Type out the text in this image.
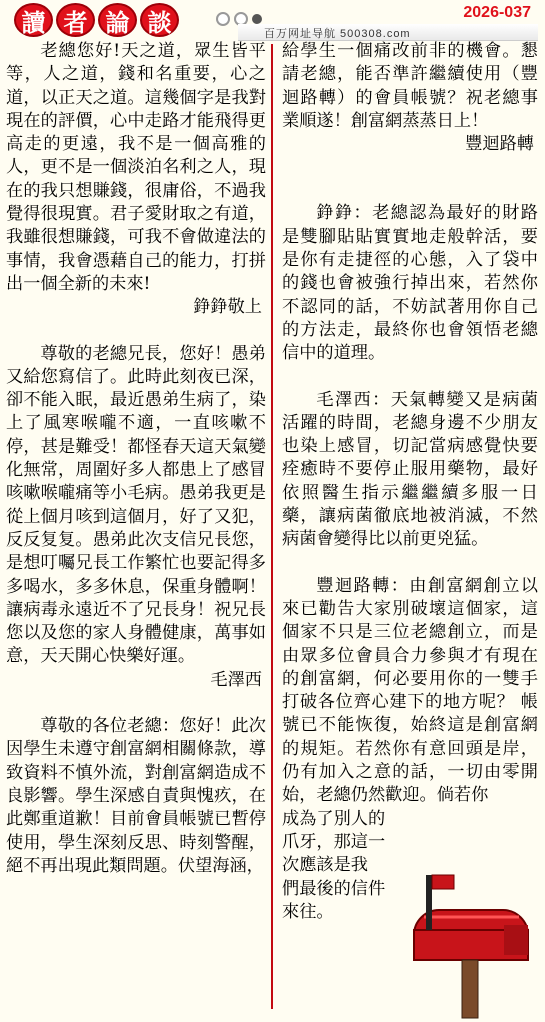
讀 者 論 談	2026-037
百万网址导航 500308.com

老總您好!天之道，眾生皆平等，人之道，錢和名重要，心之道，以正天之道。這幾個字是我對現在的評價，心中走路才能飛得更高走的更遠，我不是一個高雅的人，更不是一個淡泊名利之人，現在的我只想賺錢，很庸俗，不過我覺得很現實。君子愛財取之有道，我雖很想賺錢，可我不會做違法的事情，我會憑藉自己的能力，打拼出一個全新的未來!

錚錚敬上

尊敬的老總兄長，您好！愚弟又給您寫信了。此時此刻夜已深，卻不能入眠，最近愚弟生病了，染上了風寒喉嚨不適，一直咳嗽不停，甚是難受！都怪春天這天氣變化無常，周圍好多人都患上了感冒咳嗽喉嚨痛等小毛病。愚弟我更是從上個月咳到這個月，好了又犯，反反复复。愚弟此次支信兄長您，是想叮囑兄長工作繁忙也要記得多多喝水，多多休息，保重身體啊！讓病毒永遠近不了兄長身！祝兄長您以及您的家人身體健康，萬事如意，天天開心快樂好運。

毛澤西

尊敬的各位老總：您好！此次因學生未遵守創富網相關條款，導致資料不慎外流，對創富網造成不良影響。學生深感自責與愧疚，在此鄭重道歉！目前會員帳號已暫停使用，學生深刻反思、時刻警醒，絕不再出現此類問題。伏望海涵，

給學生一個痛改前非的機會。懇請老總，能否準許繼續使用（豐迴路轉）的會員帳號？祝老總事業順遂！創富網蒸蒸日上！

豐迴路轉

錚錚：老總認為最好的財路是雙腳貼貼實實地走般幹活，要是你有走捷徑的心態，入了袋中的錢也會被強行掉出來，若然你不認同的話，不妨試著用你自己的方法走，最終你也會領悟老總信中的道理。

毛澤西：天氣轉變又是病菌活躍的時間，老總身邊不少朋友也染上感冒，切記當病感覺快要痊癒時不要停止服用藥物，最好依照醫生指示繼繼續多服一日藥，讓病菌徹底地被消滅，不然病菌會變得比以前更兇猛。

豐迴路轉：由創富網創立以來已勸告大家別破壞這個家，這個家不只是三位老總創立，而是由眾多位會員合力參與才有現在的創富網，何必要用你的一雙手打破各位齊心建下的地方呢？ 帳號已不能恢復，始終這是創富網的規矩。若然你有意回頭是岸，仍有加入之意的話，一切由零開始，老總仍然歡迎。倘若你

成為了別人的
爪牙，那這一
次應該是我
們最後的信件
來往。
